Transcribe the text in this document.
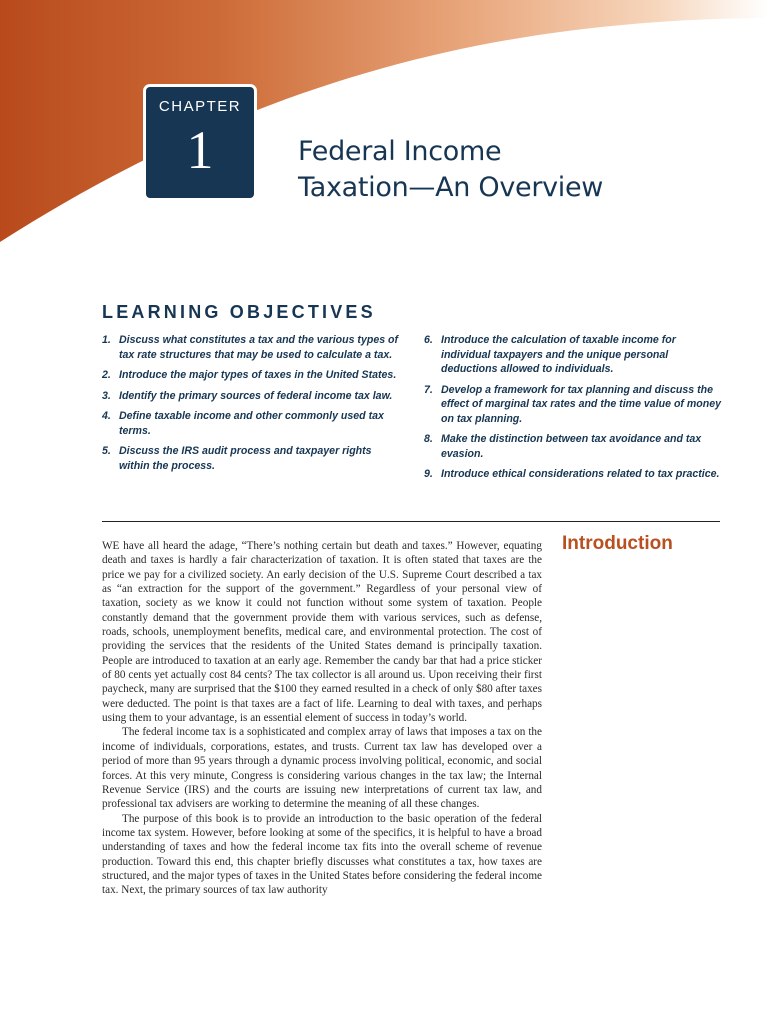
CHAPTER
1	Federal Income
Taxation—An Overview
LEARNING OBJECTIVES
1. Discuss what constitutes a tax and the various types of tax rate structures that may be used to calculate a tax.
2. Introduce the major types of taxes in the United States.
3. Identify the primary sources of federal income tax law.
4. Define taxable income and other commonly used tax terms.
5. Discuss the IRS audit process and taxpayer rights within the process.
6. Introduce the calculation of taxable income for individual taxpayers and the unique personal deductions allowed to individuals.
7. Develop a framework for tax planning and discuss the effect of marginal tax rates and the time value of money on tax planning.
8. Make the distinction between tax avoidance and tax evasion.
9. Introduce ethical considerations related to tax practice.
Introduction

WE have all heard the adage, “There’s nothing certain but death and taxes.” However, equating death and taxes is hardly a fair characterization of taxation. It is often stated that taxes are the price we pay for a civilized society. An early decision of the U.S. Supreme Court described a tax as “an extraction for the support of the government.” Regardless of your personal view of taxation, society as we know it could not function without some system of taxation. People constantly demand that the government provide them with various services, such as defense, roads, schools, unemployment benefits, medical care, and environmental protection. The cost of providing the services that the residents of the United States demand is principally taxation. People are introduced to taxation at an early age. Remember the candy bar that had a price sticker of 80 cents yet actually cost 84 cents? The tax collector is all around us. Upon receiving their first paycheck, many are surprised that the $100 they earned resulted in a check of only $80 after taxes were deducted. The point is that taxes are a fact of life. Learning to deal with taxes, and perhaps using them to your advantage, is an essential element of success in today’s world.

The federal income tax is a sophisticated and complex array of laws that imposes a tax on the income of individuals, corporations, estates, and trusts. Current tax law has developed over a period of more than 95 years through a dynamic process involving political, economic, and social forces. At this very minute, Congress is considering various changes in the tax law; the Internal Revenue Service (IRS) and the courts are issuing new interpretations of current tax law, and professional tax advisers are working to determine the meaning of all these changes.

The purpose of this book is to provide an introduction to the basic operation of the federal income tax system. However, before looking at some of the specifics, it is helpful to have a broad understanding of taxes and how the federal income tax fits into the overall scheme of revenue production. Toward this end, this chapter briefly discusses what constitutes a tax, how taxes are structured, and the major types of taxes in the United States before considering the federal income tax. Next, the primary sources of tax law authority
